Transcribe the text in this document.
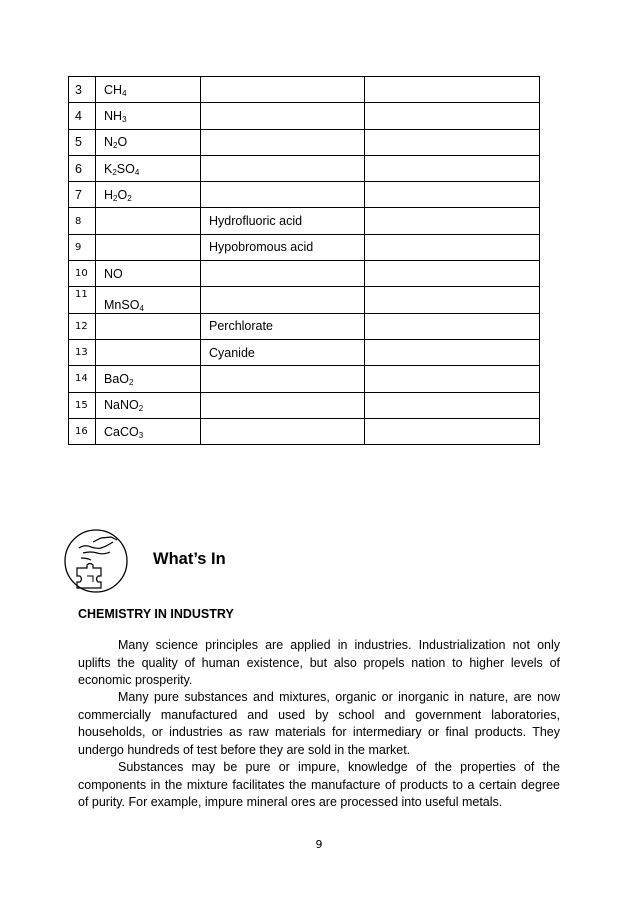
3	$CH_4$		
4	$NH_3$		
5	$N_2O$		
6	$K_2SO_4$		
7	$H_2O_2$		
8		Hydrofluoric acid	
9		Hypobromous acid	
10	NO		
11	MnSO$_4$		
12		Perchlorate	
13		Cyanide	
14	BaO$_2$		
15	NaNO$_2$		
16	CaCO$_3$		
What’s In
CHEMISTRY IN INDUSTRY

Many science principles are applied in industries. Industrialization not only uplifts the quality of human existence, but also propels nation to higher levels of economic prosperity.

Many pure substances and mixtures, organic or inorganic in nature, are now commercially manufactured and used by school and government laboratories, households, or industries as raw materials for intermediary or final products. They undergo hundreds of test before they are sold in the market.

Substances may be pure or impure, knowledge of the properties of the components in the mixture facilitates the manufacture of products to a certain degree of purity. For example, impure mineral ores are processed into useful metals.

9
